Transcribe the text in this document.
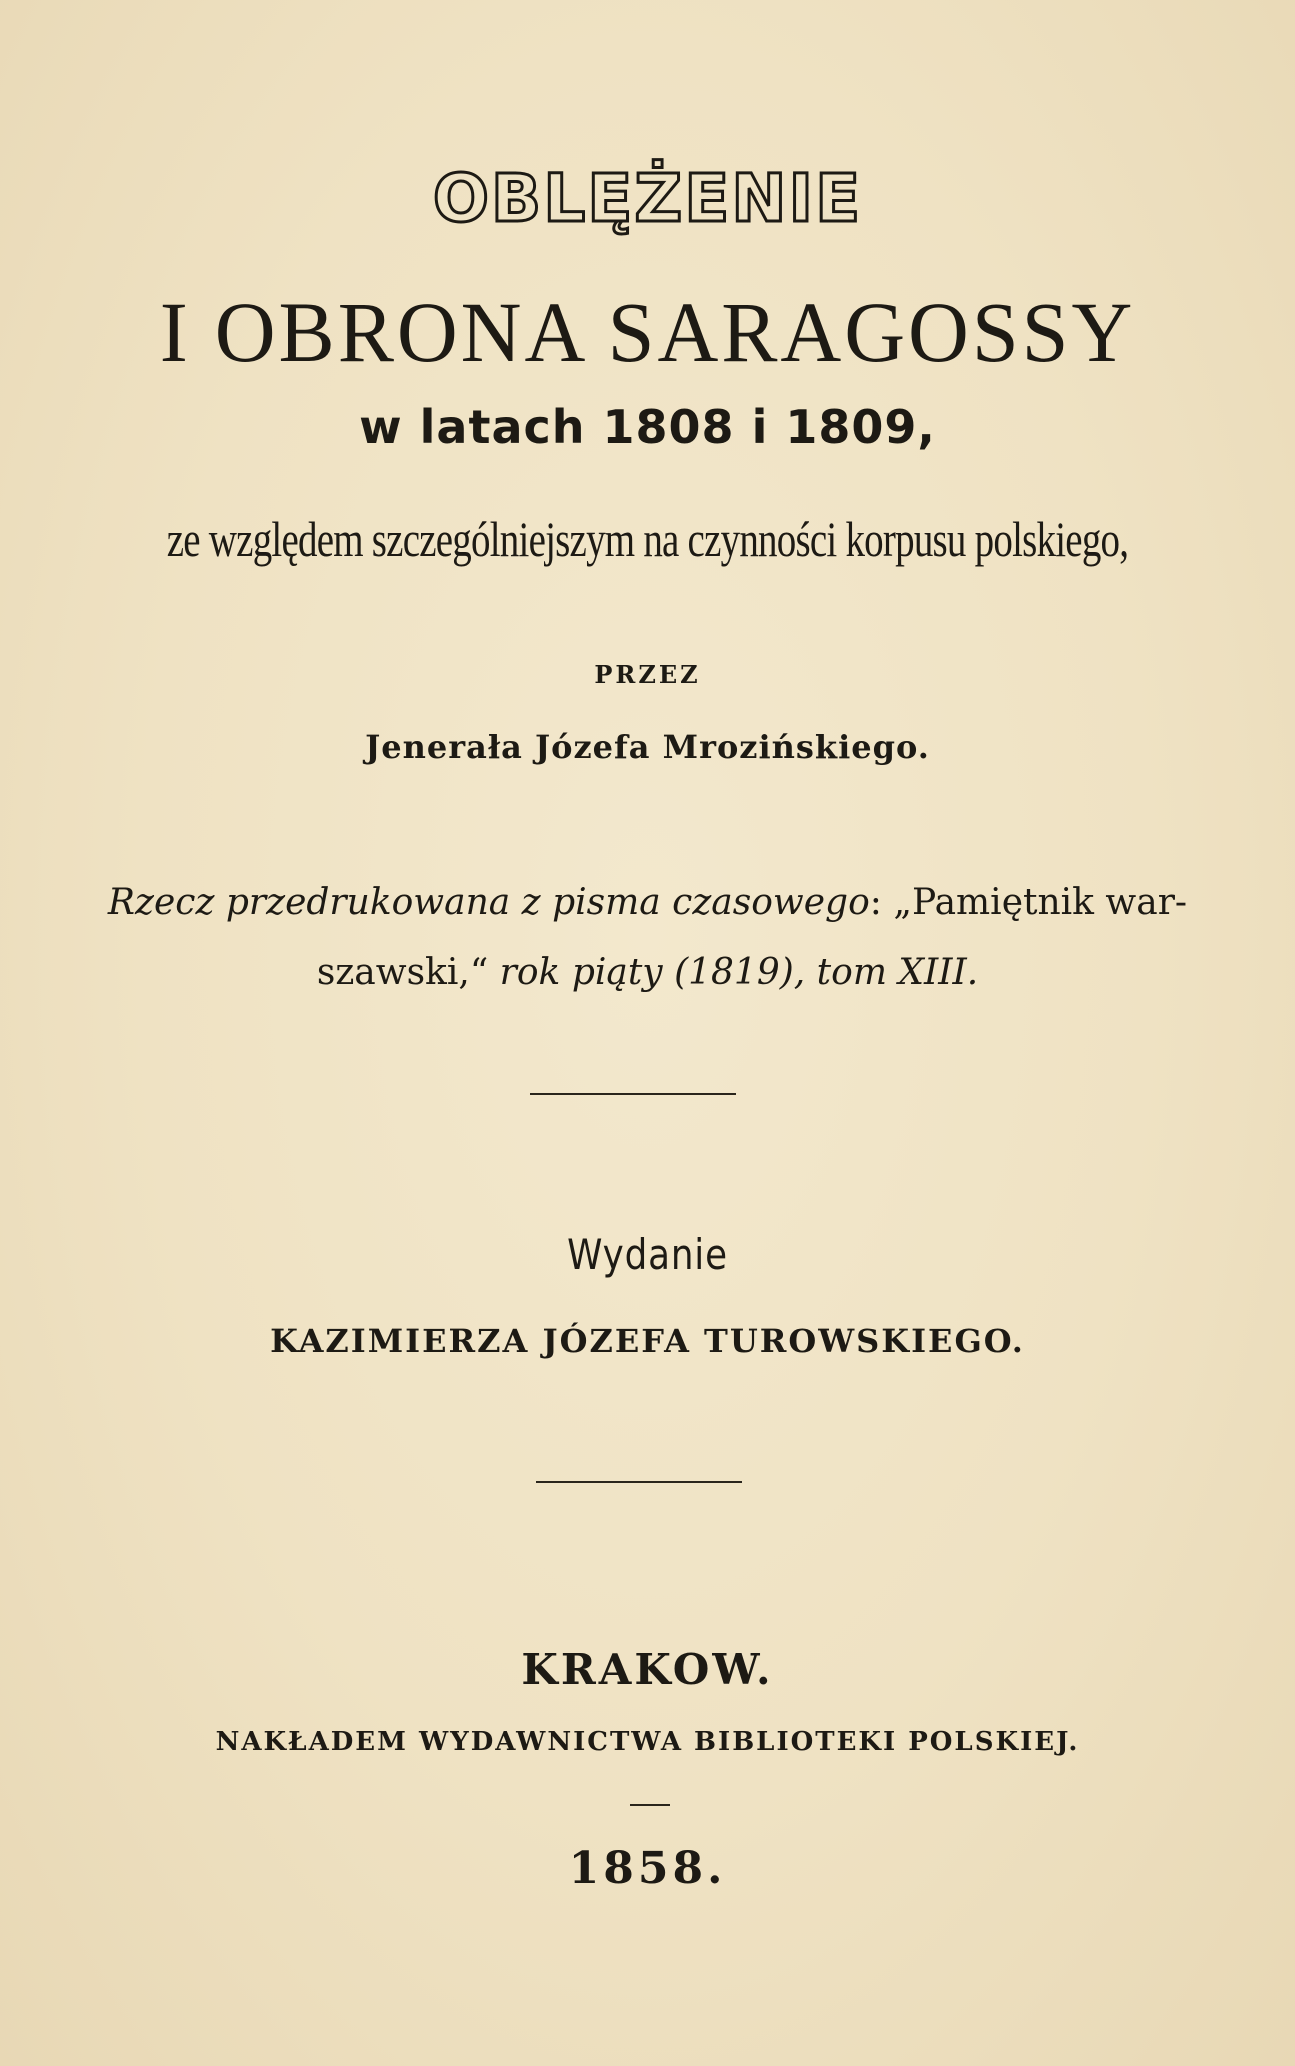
OBLĘŻENIE
I OBRONA SARAGOSSY
w latach 1808 i 1809,
ze względem szczególniejszym na czynności korpusu polskiego,
PRZEZ
Jenerała Józefa Mrozińskiego.
Rzecz przedrukowana z pisma czasowego: „Pamiętnik war-
szawski,“ rok piąty (1819), tom XIII.
Wydanie
KAZIMIERZA JÓZEFA TUROWSKIEGO.
KRAKOW.
NAKŁADEM WYDAWNICTWA BIBLIOTEKI POLSKIEJ.
1858.
